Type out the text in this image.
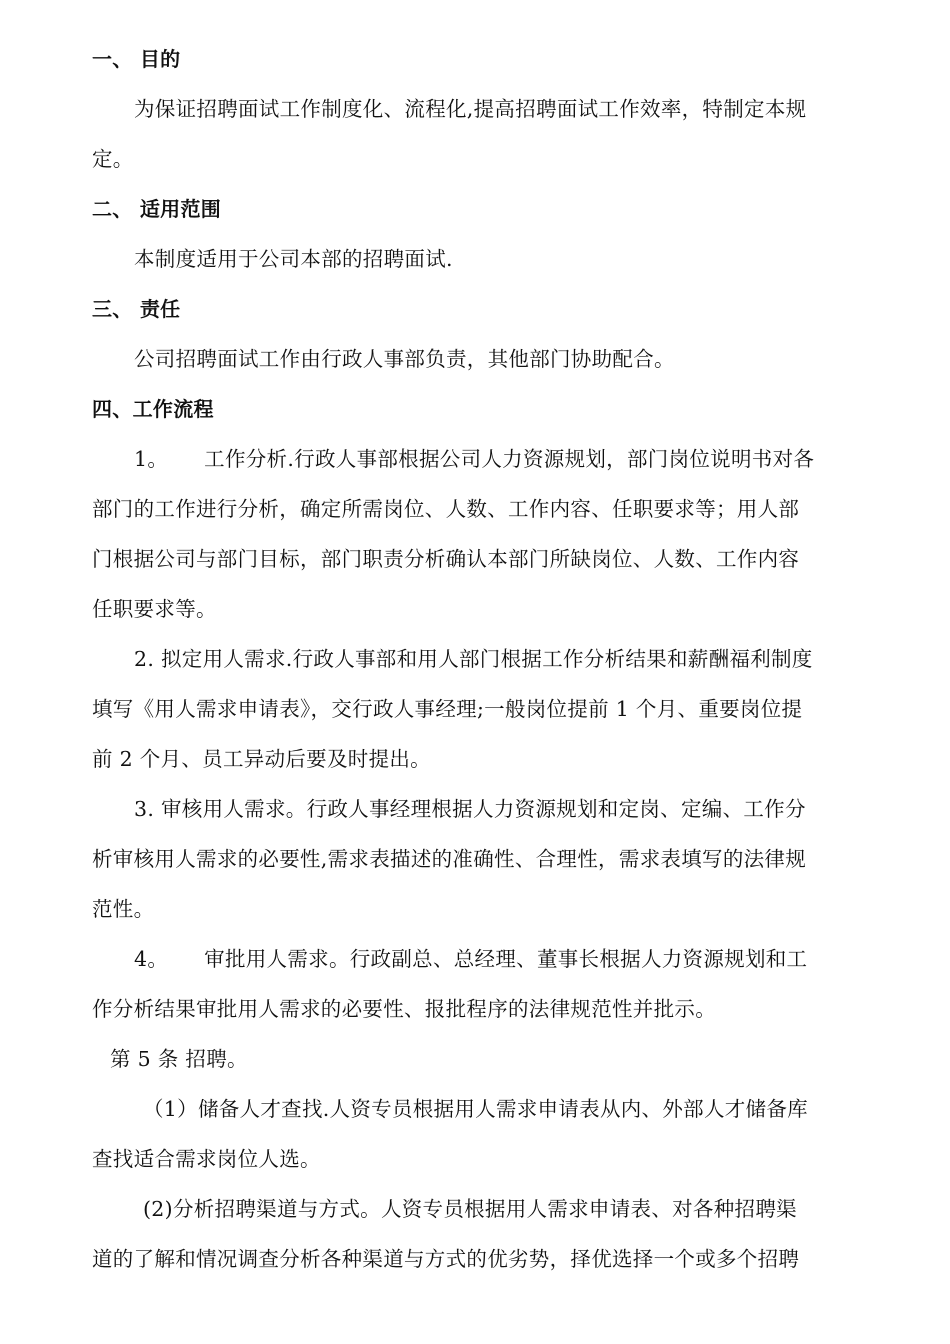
一、 目的
为保证招聘面试工作制度化、流程化,提高招聘面试工作效率，特制定本规
定。
二、 适用范围
本制度适用于公司本部的招聘面试.
三、 责任
公司招聘面试工作由行政人事部负责，其他部门协助配合。
四、工作流程
1。 工作分析.行政人事部根据公司人力资源规划，部门岗位说明书对各
部门的工作进行分析，确定所需岗位、人数、工作内容、任职要求等；用人部
门根据公司与部门目标，部门职责分析确认本部门所缺岗位、人数、工作内容
任职要求等。
2. 拟定用人需求.行政人事部和用人部门根据工作分析结果和薪酬福利制度
填写《用人需求申请表》，交行政人事经理;一般岗位提前 1 个月、重要岗位提
前 2 个月、员工异动后要及时提出。
3. 审核用人需求。行政人事经理根据人力资源规划和定岗、定编、工作分
析审核用人需求的必要性,需求表描述的准确性、合理性，需求表填写的法律规
范性。
4。 审批用人需求。行政副总、总经理、董事长根据人力资源规划和工
作分析结果审批用人需求的必要性、报批程序的法律规范性并批示。
第 5 条 招聘。
（1）储备人才查找.人资专员根据用人需求申请表从内、外部人才储备库
查找适合需求岗位人选。
(2)分析招聘渠道与方式。人资专员根据用人需求申请表、对各种招聘渠
道的了解和情况调查分析各种渠道与方式的优劣势，择优选择一个或多个招聘
